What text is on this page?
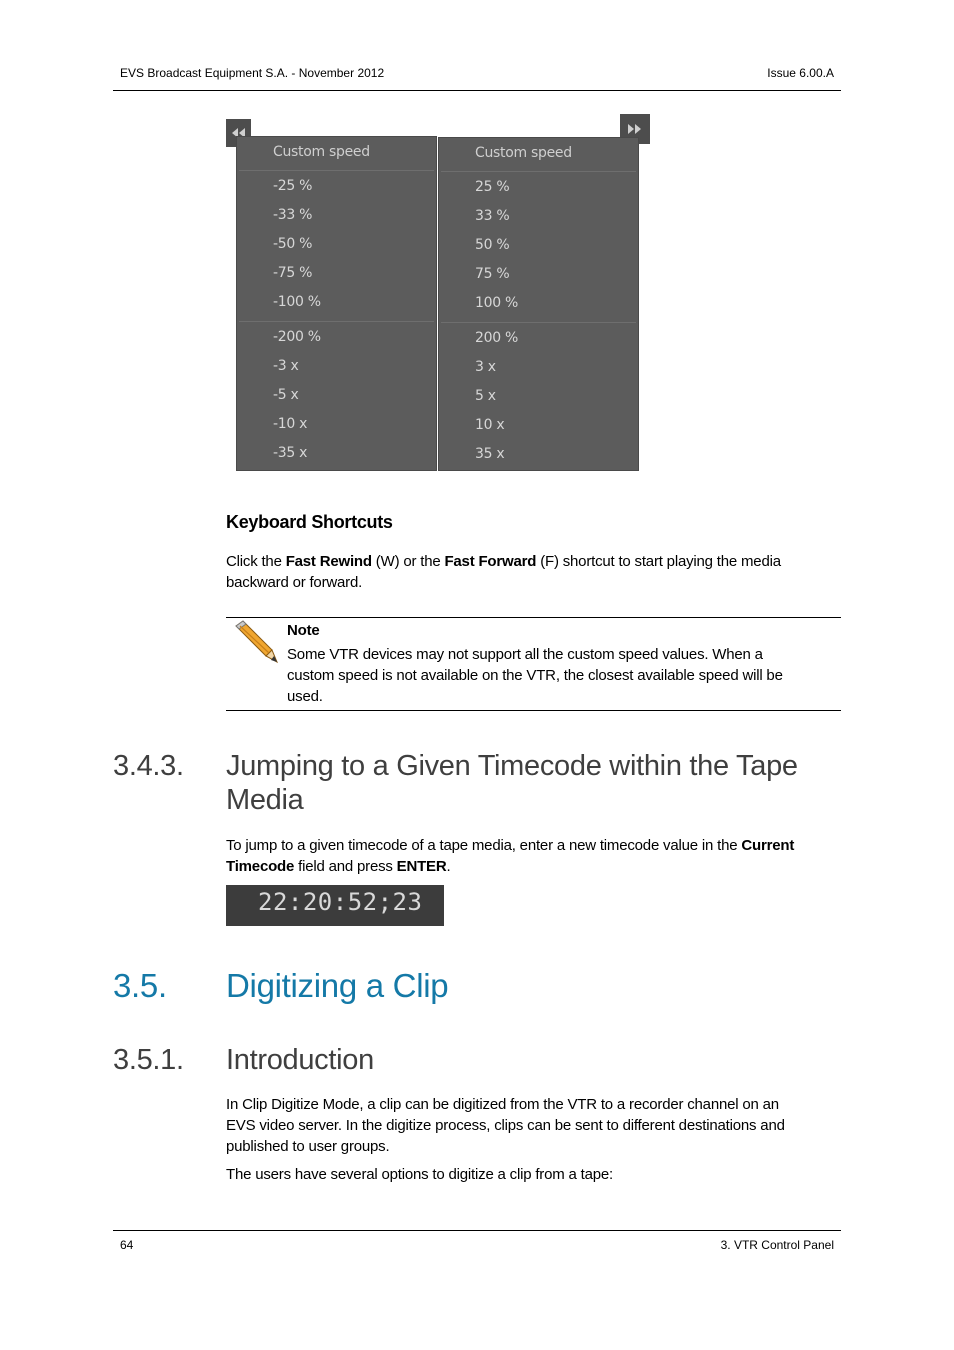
EVS Broadcast Equipment S.A. - November 2012	Issue 6.00.A
Custom speed
-25 %
-33 %
-50 %
-75 %
-100 %
-200 %
-3 x
-5 x
-10 x
-35 x
Custom speed
25 %
33 %
50 %
75 %
100 %
200 %
3 x
5 x
10 x
35 x
Keyboard Shortcuts
Click the Fast Rewind (W) or the Fast Forward (F) shortcut to start playing the media
backward or forward.
Note
Some VTR devices may not support all the custom speed values. When a
custom speed is not available on the VTR, the closest available speed will be
used.
3.4.3. Jumping to a Given Timecode within the Tape
Media
To jump to a given timecode of a tape media, enter a new timecode value in the Current
Timecode field and press ENTER.
22:20:52;23
3.5. Digitizing a Clip
3.5.1. Introduction
In Clip Digitize Mode, a clip can be digitized from the VTR to a recorder channel on an
EVS video server. In the digitize process, clips can be sent to different destinations and
published to user groups.
The users have several options to digitize a clip from a tape:
64	3. VTR Control Panel
